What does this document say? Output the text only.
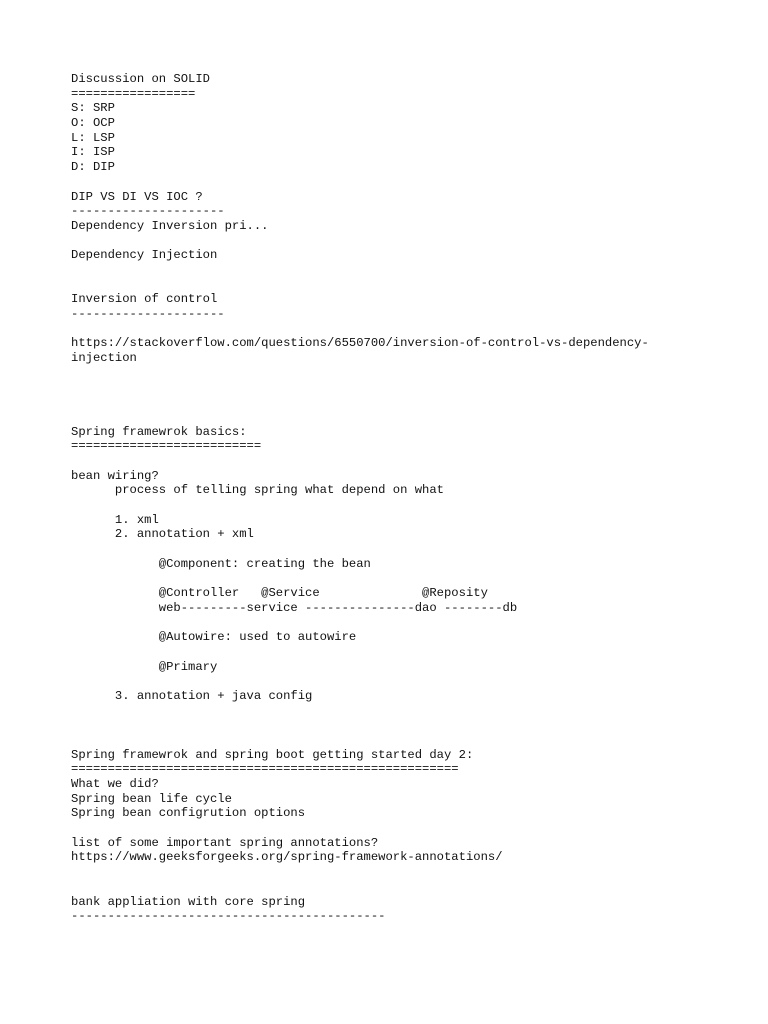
Discussion on SOLID
=================
S: SRP
O: OCP
L: LSP
I: ISP
D: DIP
DIP VS DI VS IOC ?
---------------------
Dependency Inversion pri...
Dependency Injection
Inversion of control
---------------------
https://stackoverflow.com/questions/6550700/inversion-of-control-vs-dependency-
injection
Spring framewrok basics:
==========================
bean wiring?
process of telling spring what depend on what
1. xml
2. annotation + xml
@Component: creating the bean
@Controller   @Service              @Reposity
web---------service ---------------dao --------db
@Autowire: used to autowire
@Primary
3. annotation + java config
Spring framewrok and spring boot getting started day 2:
=====================================================
What we did?
Spring bean life cycle
Spring bean configrution options
list of some important spring annotations?
https://www.geeksforgeeks.org/spring-framework-annotations/
bank appliation with core spring
-------------------------------------------
